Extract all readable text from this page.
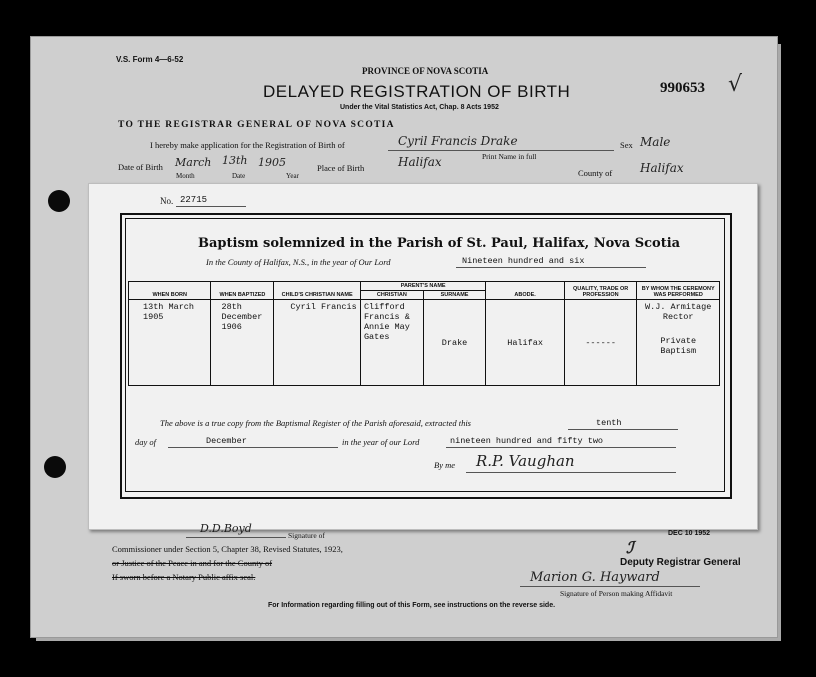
V.S. Form 4—6-52
PROVINCE OF NOVA SCOTIA
DELAYED REGISTRATION OF BIRTH
Under the Vital Statistics Act, Chap. 8 Acts 1952
990653 √
TO THE REGISTRAR GENERAL OF NOVA SCOTIA
I hereby make application for the Registration of Birth of	Cyril Francis Drake	Sex Male
Print Name in full
Date of Birth March 13th 1905	Place of Birth	Halifax
County of Halifax
Month	Date	Year
No. 22715
Baptism solemnized in the Parish of St. Paul, Halifax, Nova Scotia
In the County of Halifax, N.S., in the year of Our Lord	Nineteen hundred and six
WHEN BORN	WHEN BAPTIZED	CHILD'S CHRISTIAN NAME	PARENT'S NAME		ABODE.	QUALITY, TRADE OR PROFESSION	BY WHOM THE CEREMONY WAS PERFORMED
			CHRISTIAN	SURNAME			
13th March 1905	28th December 1906	Cyril Francis	Clifford Francis & Annie May Gates	Drake	Halifax	------	W.J. Armitage Rector
Private Baptism
The above is a true copy from the Baptismal Register of the Parish aforesaid, extracted this	tenth
day of	December	in the year of our Lord	nineteen hundred and fifty two
By me R.P. Vaughan
D.D.Boyd
Signature of
Commissioner under Section 5, Chapter 38, Revised Statutes, 1923,
or Justice of the Peace in and for the County of
If sworn before a Notary Public affix seal.
DEC 10 1952
ℐ︎
Deputy Registrar General
Marion G. Hayward
Signature of Person making Affidavit
For Information regarding filling out of this Form, see instructions on the reverse side.
